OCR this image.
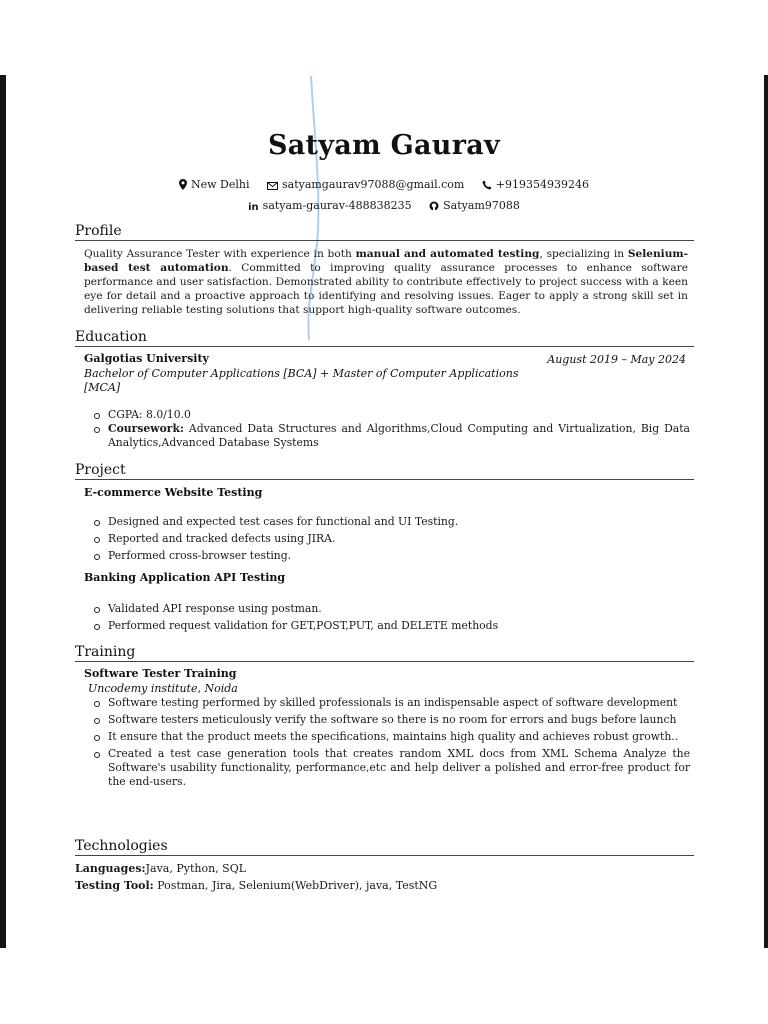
Satyam Gaurav
New Delhi	satyamgaurav97088@gmail.com	+919354939246
in satyam-gaurav-488838235	Satyam97088
Profile
Quality Assurance Tester with experience in both manual and automated testing, specializing in Selenium-based test automation. Committed to improving quality assurance processes to enhance software performance and user satisfaction. Demonstrated ability to contribute effectively to project success with a keen eye for detail and a proactive approach to identifying and resolving issues. Eager to apply a strong skill set in delivering reliable testing solutions that support high-quality software outcomes.
Education
Galgotias University	August 2019 – May 2024
Bachelor of Computer Applications [BCA] + Master of Computer Applications [MCA]
CGPA: 8.0/10.0
Coursework: Advanced Data Structures and Algorithms,Cloud Computing and Virtualization, Big Data Analytics,Advanced Database Systems
Project
E-commerce Website Testing
Designed and expected test cases for functional and UI Testing.
Reported and tracked defects using JIRA.
Performed cross-browser testing.
Banking Application API Testing
Validated API response using postman.
Performed request validation for GET,POST,PUT, and DELETE methods
Training
Software Tester Training
Uncodemy institute, Noida
Software testing performed by skilled professionals is an indispensable aspect of software development
Software testers meticulously verify the software so there is no room for errors and bugs before launch
It ensure that the product meets the specifications, maintains high quality and achieves robust growth..
Created a test case generation tools that creates random XML docs from XML Schema Analyze the Software's usability functionality, performance,etc and help deliver a polished and error-free product for the end-users.
Technologies
Languages:Java, Python, SQL
Testing Tool: Postman, Jira, Selenium(WebDriver), java, TestNG
